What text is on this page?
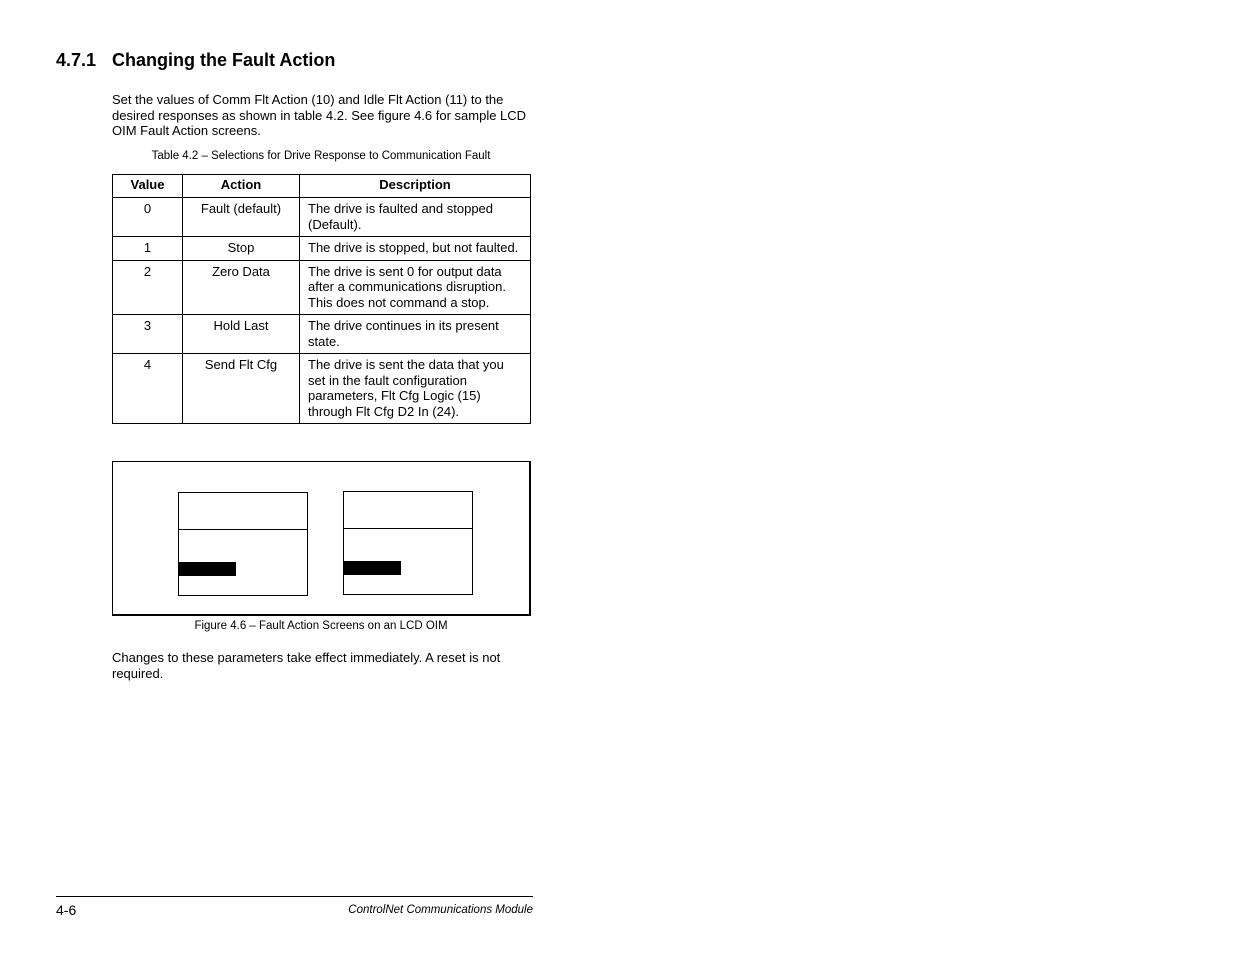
4.7.1 Changing the Fault Action
Set the values of Comm Flt Action (10) and Idle Flt Action (11) to the desired responses as shown in table 4.2. See figure 4.6 for sample LCD OIM Fault Action screens.
Table 4.2 – Selections for Drive Response to Communication Fault
Value	Action	Description
0	Fault (default)	The drive is faulted and stopped (Default).
1	Stop	The drive is stopped, but not faulted.
2	Zero Data	The drive is sent 0 for output data after a communications disruption. This does not command a stop.
3	Hold Last	The drive continues in its present state.
4	Send Flt Cfg	The drive is sent the data that you set in the fault configuration parameters, Flt Cfg Logic (15) through Flt Cfg D2 In (24).
Figure 4.6 – Fault Action Screens on an LCD OIM
Changes to these parameters take effect immediately. A reset is not required.
4-6	ControlNet Communications Module
